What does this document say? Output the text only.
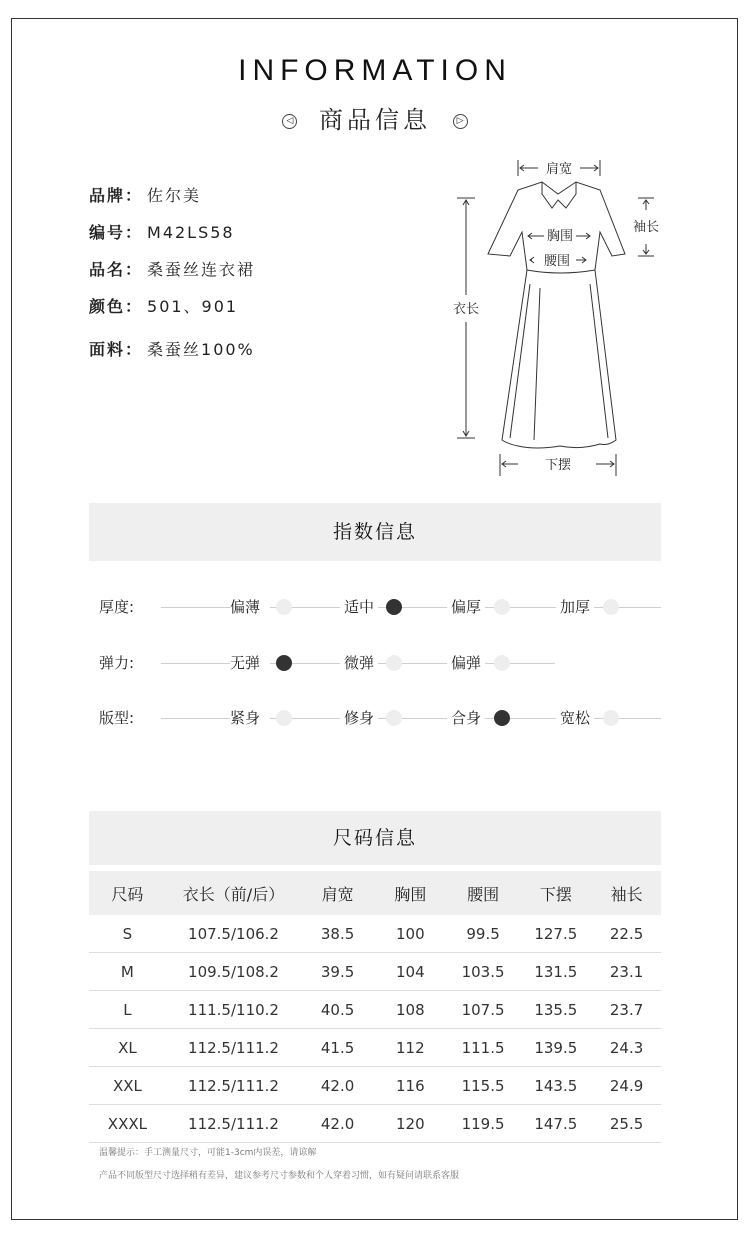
INFORMATION
◁ 商品信息	▷
品牌： 佐尔美
编号： M42LS58
品名： 桑蚕丝连衣裙
颜色： 501、901
面料： 桑蚕丝100%
肩宽
袖长
胸围
腰围
衣长
下摆
指数信息
厚度:	偏薄	适中	偏厚	加厚
弹力:	无弹	微弹	偏弹
版型:	紧身	修身	合身	宽松
尺码信息
尺码	衣长（前/后）	肩宽	胸围	腰围	下摆	袖长
S	107.5/106.2	38.5	100	99.5	127.5	22.5
M	109.5/108.2	39.5	104	103.5	131.5	23.1
L	111.5/110.2	40.5	108	107.5	135.5	23.7
XL	112.5/111.2	41.5	112	111.5	139.5	24.3
XXL	112.5/111.2	42.0	116	115.5	143.5	24.9
XXXL	112.5/111.2	42.0	120	119.5	147.5	25.5
温馨提示：手工测量尺寸，可能1-3cm内误差，请谅解
产品不同版型尺寸选择稍有差异，建议参考尺寸参数和个人穿着习惯，如有疑问请联系客服
